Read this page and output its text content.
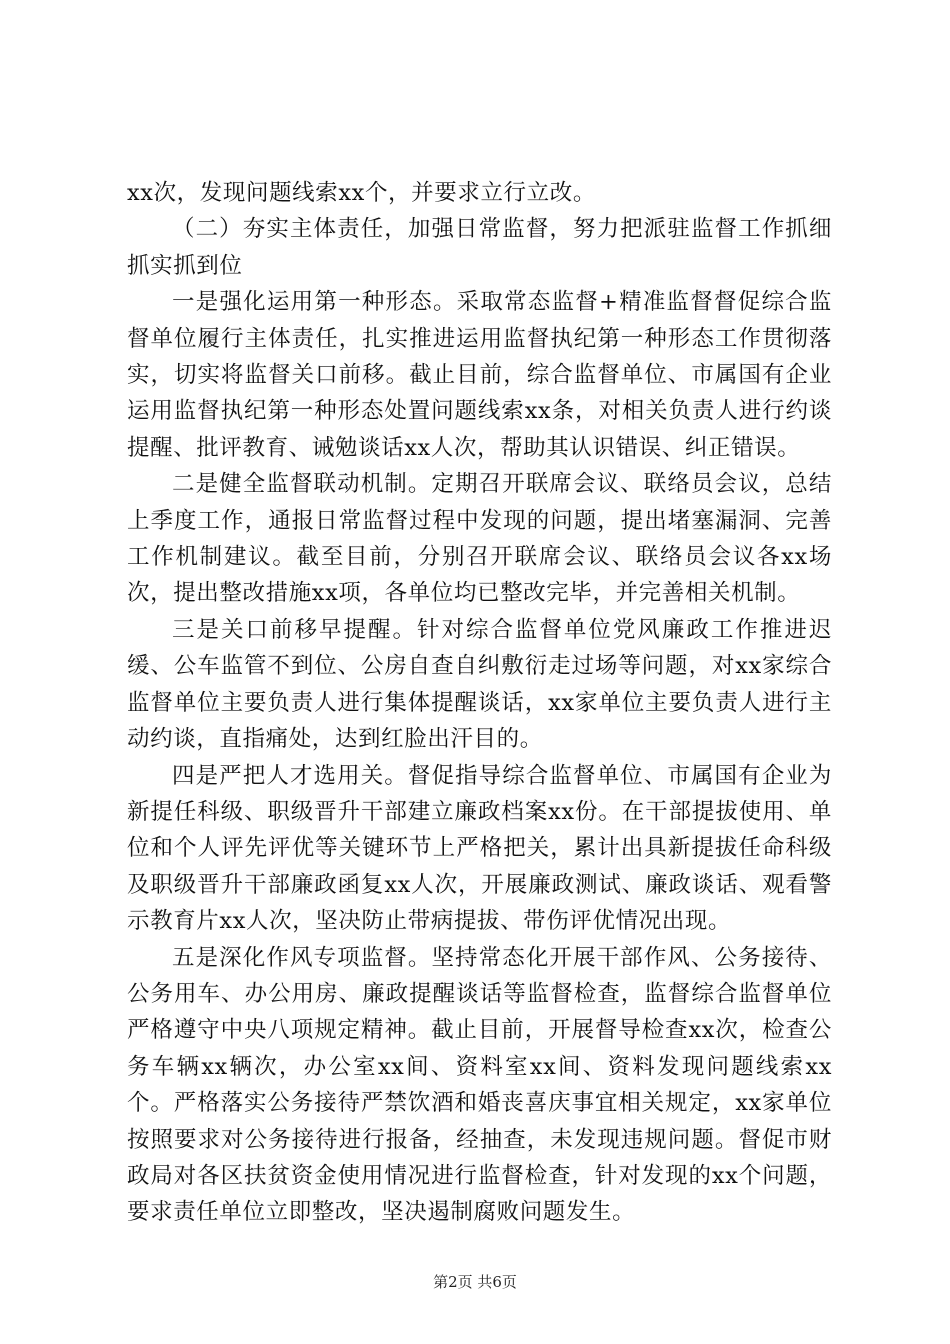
xx次，发现问题线索xx个，并要求立行立改。

（二）夯实主体责任，加强日常监督，努力把派驻监督工作抓细抓实抓到位

一是强化运用第一种形态。采取常态监督+精准监督督促综合监督单位履行主体责任，扎实推进运用监督执纪第一种形态工作贯彻落实，切实将监督关口前移。截止目前，综合监督单位、市属国有企业运用监督执纪第一种形态处置问题线索xx条，对相关负责人进行约谈提醒、批评教育、诫勉谈话xx人次，帮助其认识错误、纠正错误。

二是健全监督联动机制。定期召开联席会议、联络员会议，总结上季度工作，通报日常监督过程中发现的问题，提出堵塞漏洞、完善工作机制建议。截至目前，分别召开联席会议、联络员会议各xx场次，提出整改措施xx项，各单位均已整改完毕，并完善相关机制。

三是关口前移早提醒。针对综合监督单位党风廉政工作推进迟缓、公车监管不到位、公房自查自纠敷衍走过场等问题，对xx家综合监督单位主要负责人进行集体提醒谈话，xx家单位主要负责人进行主动约谈，直指痛处，达到红脸出汗目的。

四是严把人才选用关。督促指导综合监督单位、市属国有企业为新提任科级、职级晋升干部建立廉政档案xx份。在干部提拔使用、单位和个人评先评优等关键环节上严格把关，累计出具新提拔任命科级及职级晋升干部廉政函复xx人次，开展廉政测试、廉政谈话、观看警示教育片xx人次，坚决防止带病提拔、带伤评优情况出现。

五是深化作风专项监督。坚持常态化开展干部作风、公务接待、公务用车、办公用房、廉政提醒谈话等监督检查，监督综合监督单位严格遵守中央八项规定精神。截止目前，开展督导检查xx次，检查公务车辆xx辆次，办公室xx间、资料室xx间、资料发现问题线索xx个。严格落实公务接待严禁饮酒和婚丧喜庆事宜相关规定，xx家单位按照要求对公务接待进行报备，经抽查，未发现违规问题。督促市财政局对各区扶贫资金使用情况进行监督检查，针对发现的xx个问题，要求责任单位立即整改，坚决遏制腐败问题发生。

第2页 共6页
